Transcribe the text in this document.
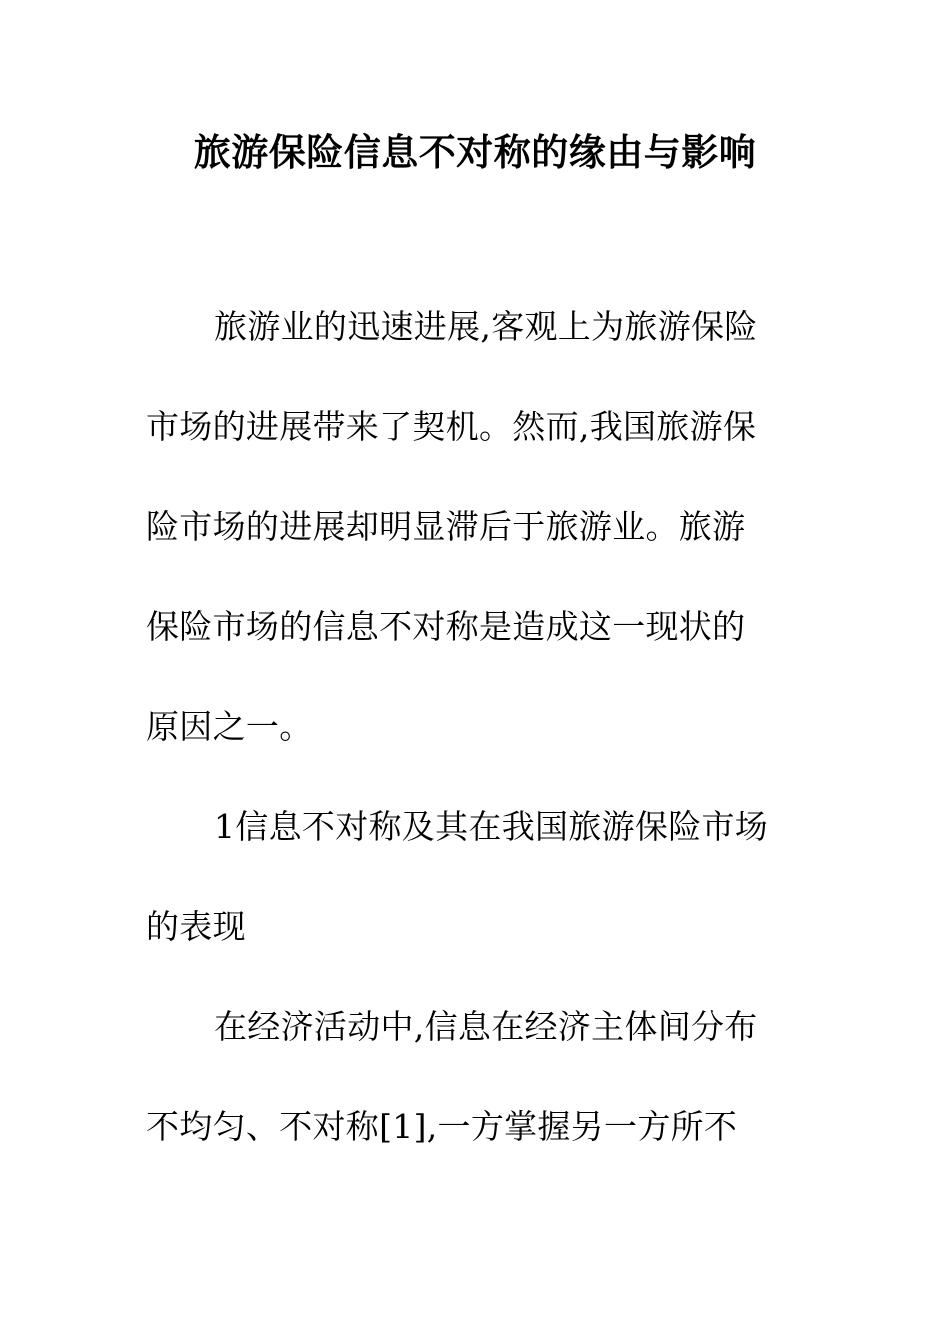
旅游保险信息不对称的缘由与影响
旅游业的迅速进展,客观上为旅游保险
市场的进展带来了契机。然而,我国旅游保
险市场的进展却明显滞后于旅游业。旅游
保险市场的信息不对称是造成这一现状的
原因之一。
1信息不对称及其在我国旅游保险市场
的表现
在经济活动中,信息在经济主体间分布
不均匀、不对称[1],一方掌握另一方所不
